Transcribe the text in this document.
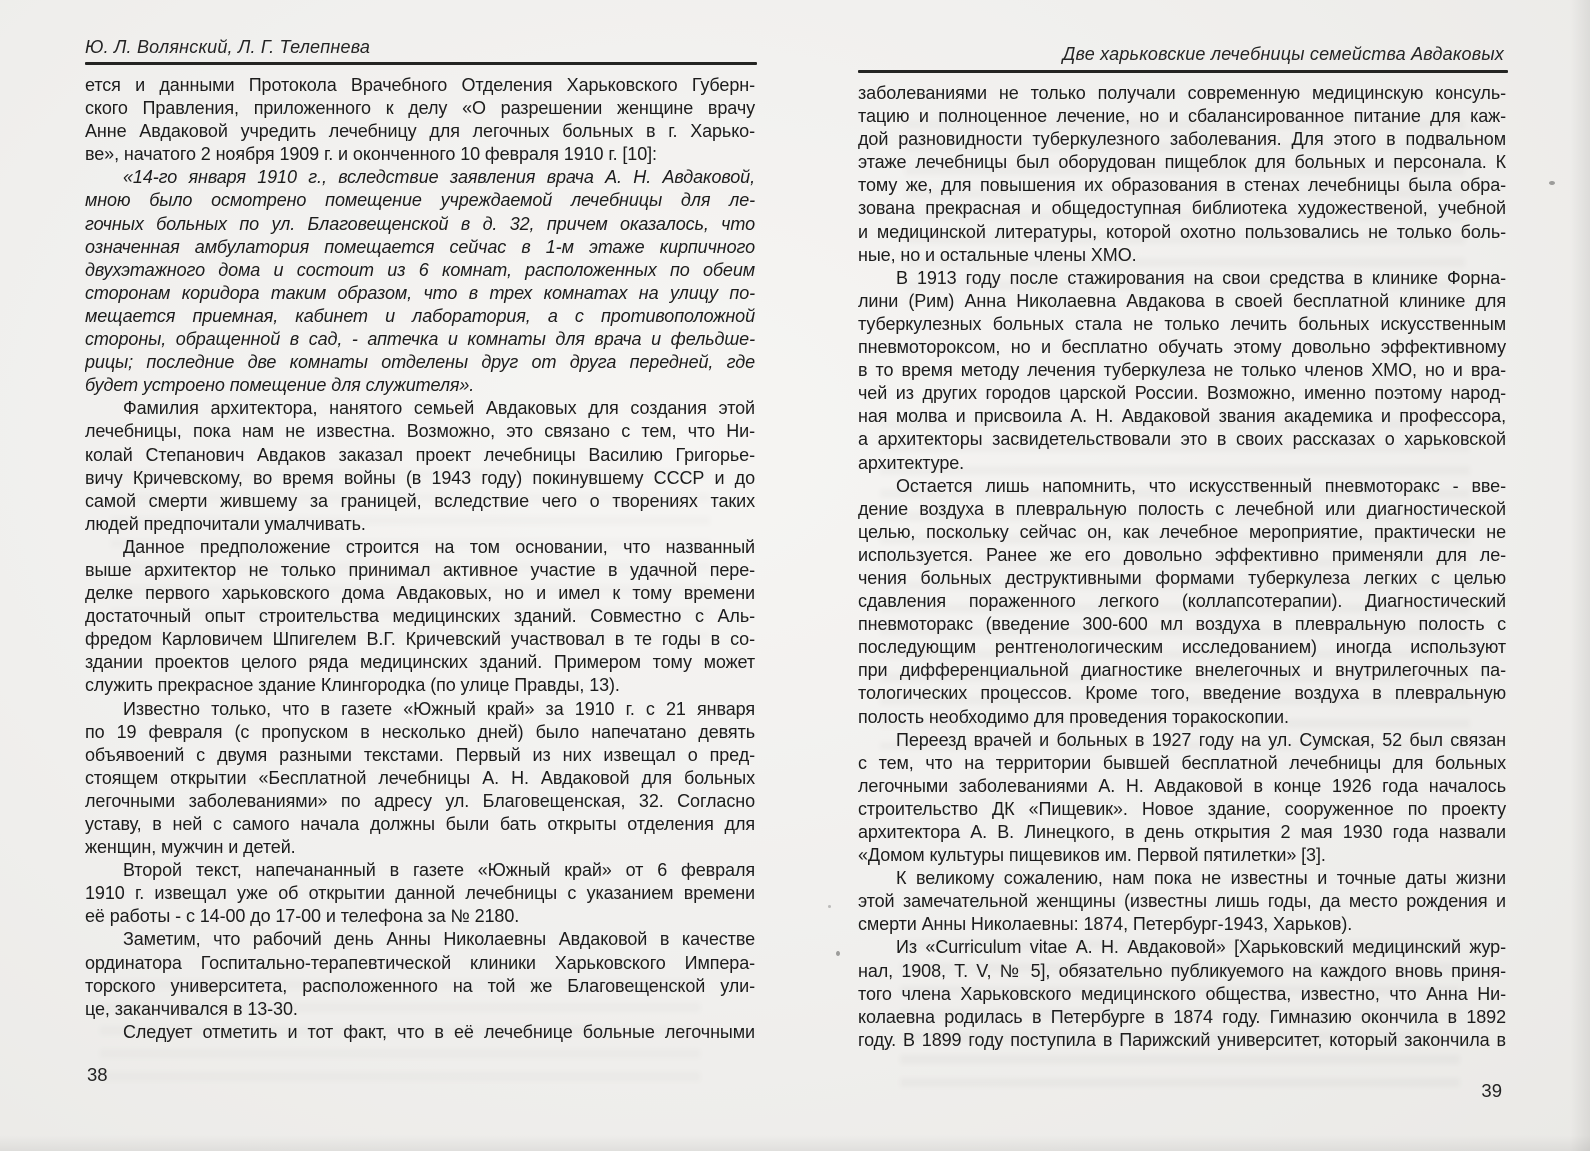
Ю. Л. Волянский, Л. Г. Телепнева
ется и данными Протокола Врачебного Отделения Харьковского Губерн-
ского Правления, приложенного к делу «О разрешении женщине врачу
Анне Авдаковой учредить лечебницу для легочных больных в г. Харько-
ве», начатого 2 ноября 1909 г. и оконченного 10 февраля 1910 г. [10]:
«14-го января 1910 г., вследствие заявления врача А. Н. Авдаковой,
мною было осмотрено помещение учреждаемой лечебницы для ле-
гочных больных по ул. Благовещенской в д. 32, причем оказалось, что
означенная амбулатория помещается сейчас в 1-м этаже кирпичного
двухэтажного дома и состоит из 6 комнат, расположенных по обеим
сторонам коридора таким образом, что в трех комнатах на улицу по-
мещается приемная, кабинет и лаборатория, а с противоположной
стороны, обращенной в сад, - аптечка и комнаты для врача и фельдше-
рицы; последние две комнаты отделены друг от друга передней, где
будет устроено помещение для служителя».
Фамилия архитектора, нанятого семьей Авдаковых для создания этой
лечебницы, пока нам не известна. Возможно, это связано с тем, что Ни-
колай Степанович Авдаков заказал проект лечебницы Василию Григорье-
вичу Кричевскому, во время войны (в 1943 году) покинувшему СССР и до
самой смерти жившему за границей, вследствие чего о творениях таких
людей предпочитали умалчивать.
Данное предположение строится на том основании, что названный
выше архитектор не только принимал активное участие в удачной пере-
делке первого харьковского дома Авдаковых, но и имел к тому времени
достаточный опыт строительства медицинских зданий. Совместно с Аль-
фредом Карловичем Шпигелем В.Г. Кричевский участвовал в те годы в со-
здании проектов целого ряда медицинских зданий. Примером тому может
служить прекрасное здание Клингородка (по улице Правды, 13).
Известно только, что в газете «Южный край» за 1910 г. с 21 января
по 19 февраля (с пропуском в несколько дней) было напечатано девять
объявоений с двумя разными текстами. Первый из них извещал о пред-
стоящем открытии «Бесплатной лечебницы А. Н. Авдаковой для больных
легочными заболеваниями» по адресу ул. Благовещенская, 32. Согласно
уставу, в ней с самого начала должны были бать открыты отделения для
женщин, мужчин и детей.
Второй текст, напечананный в газете «Южный край» от 6 февраля
1910 г. извещал уже об открытии данной лечебницы с указанием времени
её работы - с 14-00 до 17-00 и телефона за № 2180.
Заметим, что рабочий день Анны Николаевны Авдаковой в качестве
ординатора Госпитально-терапевтической клиники Харьковского Импера-
торского университета, расположенного на той же Благовещенской ули-
це, заканчивался в 13-30.
Следует отметить и тот факт, что в её лечебнице больные легочными
38
Две харьковские лечебницы семейства Авдаковых
заболеваниями не только получали современную медицинскую консуль-
тацию и полноценное лечение, но и сбалансированное питание для каж-
дой разновидности туберкулезного заболевания. Для этого в подвальном
этаже лечебницы был оборудован пищеблок для больных и персонала. К
тому же, для повышения их образования в стенах лечебницы была обра-
зована прекрасная и общедоступная библиотека художественой, учебной
и медицинской литературы, которой охотно пользовались не только боль-
ные, но и остальные члены ХМО.
В 1913 году после стажирования на свои средства в клинике Форна-
лини (Рим) Анна Николаевна Авдакова в своей бесплатной клинике для
туберкулезных больных стала не только лечить больных искусственным
пневмотороксом, но и бесплатно обучать этому довольно эффективному
в то время методу лечения туберкулеза не только членов ХМО, но и вра-
чей из других городов царской России. Возможно, именно поэтому народ-
ная молва и присвоила А. Н. Авдаковой звания академика и профессора,
а архитекторы засвидетельствовали это в своих рассказах о харьковской
архитектуре.
Остается лишь напомнить, что искусственный пневмоторакс - вве-
дение воздуха в плевральную полость с лечебной или диагностической
целью, поскольку сейчас он, как лечебное мероприятие, практически не
используется. Ранее же его довольно эффективно применяли для ле-
чения больных деструктивными формами туберкулеза легких с целью
сдавления пораженного легкого (коллапсотерапии). Диагностический
пневмоторакс (введение 300-600 мл воздуха в плевральную полость с
последующим рентгенологическим исследованием) иногда используют
при дифференциальной диагностике внелегочных и внутрилегочных па-
тологических процессов. Кроме того, введение воздуха в плевральную
полость необходимо для проведения торакоскопии.
Переезд врачей и больных в 1927 году на ул. Сумская, 52 был связан
с тем, что на территории бывшей бесплатной лечебницы для больных
легочными заболеваниями А. Н. Авдаковой в конце 1926 года началось
строительство ДК «Пищевик». Новое здание, сооруженное по проекту
архитектора А. В. Линецкого, в день открытия 2 мая 1930 года назвали
«Домом культуры пищевиков им. Первой пятилетки» [3].
К великому сожалению, нам пока не известны и точные даты жизни
этой замечательной женщины (известны лишь годы, да место рождения и
смерти Анны Николаевны: 1874, Петербург-1943, Харьков).
Из «Curriculum vitae А. Н. Авдаковой» [Харьковский медицинский жур-
нал, 1908, Т. V, № 5], обязательно публикуемого на каждого вновь приня-
того члена Харьковского медицинского общества, известно, что Анна Ни-
колаевна родилась в Петербурге в 1874 году. Гимназию окончила в 1892
году. В 1899 году поступила в Парижский университет, который закончила в
39
